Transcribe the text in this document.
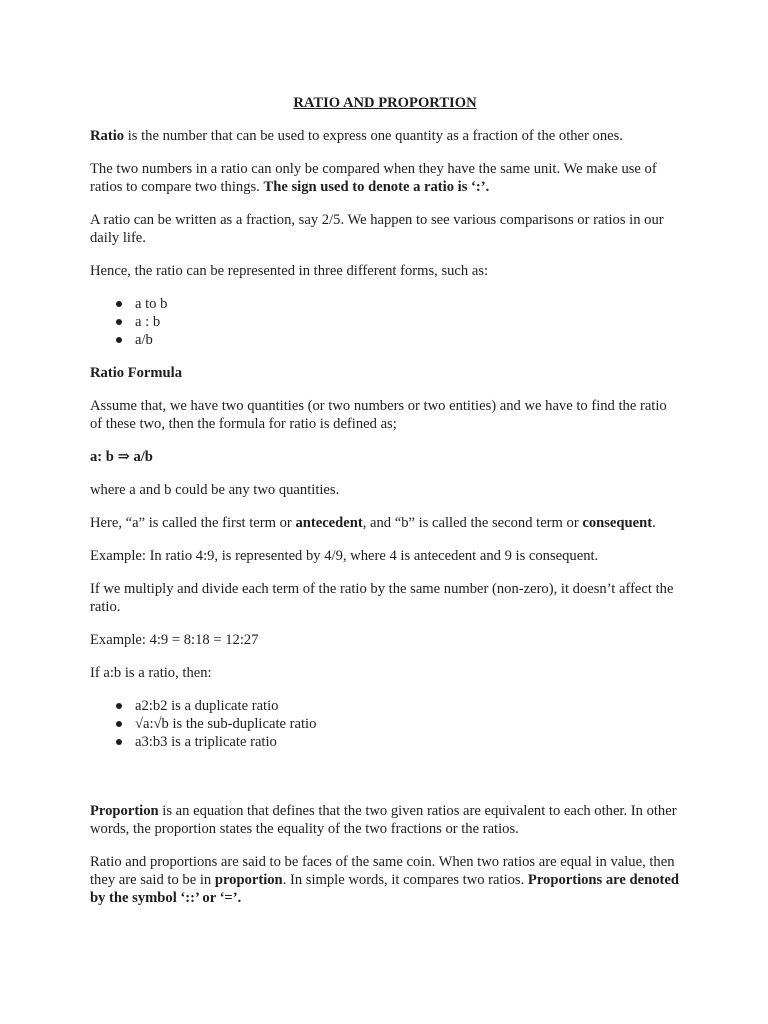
RATIO AND PROPORTION

Ratio is the number that can be used to express one quantity as a fraction of the other ones.

The two numbers in a ratio can only be compared when they have the same unit. We make use of ratios to compare two things. The sign used to denote a ratio is ‘:’.

A ratio can be written as a fraction, say 2/5. We happen to see various comparisons or ratios in our daily life.

Hence, the ratio can be represented in three different forms, such as:

a to b
a : b
a/b

Ratio Formula

Assume that, we have two quantities (or two numbers or two entities) and we have to find the ratio of these two, then the formula for ratio is defined as;

a: b ⇒ a/b

where a and b could be any two quantities.

Here, “a” is called the first term or antecedent, and “b” is called the second term or consequent.

Example: In ratio 4:9, is represented by 4/9, where 4 is antecedent and 9 is consequent.

If we multiply and divide each term of the ratio by the same number (non-zero), it doesn’t affect the ratio.

Example: 4:9 = 8:18 = 12:27

If a:b is a ratio, then:

a2:b2 is a duplicate ratio
√a:√b is the sub-duplicate ratio
a3:b3 is a triplicate ratio

Proportion is an equation that defines that the two given ratios are equivalent to each other. In other words, the proportion states the equality of the two fractions or the ratios.

Ratio and proportions are said to be faces of the same coin. When two ratios are equal in value, then they are said to be in proportion. In simple words, it compares two ratios. Proportions are denoted by the symbol ‘::’ or ‘=’.
